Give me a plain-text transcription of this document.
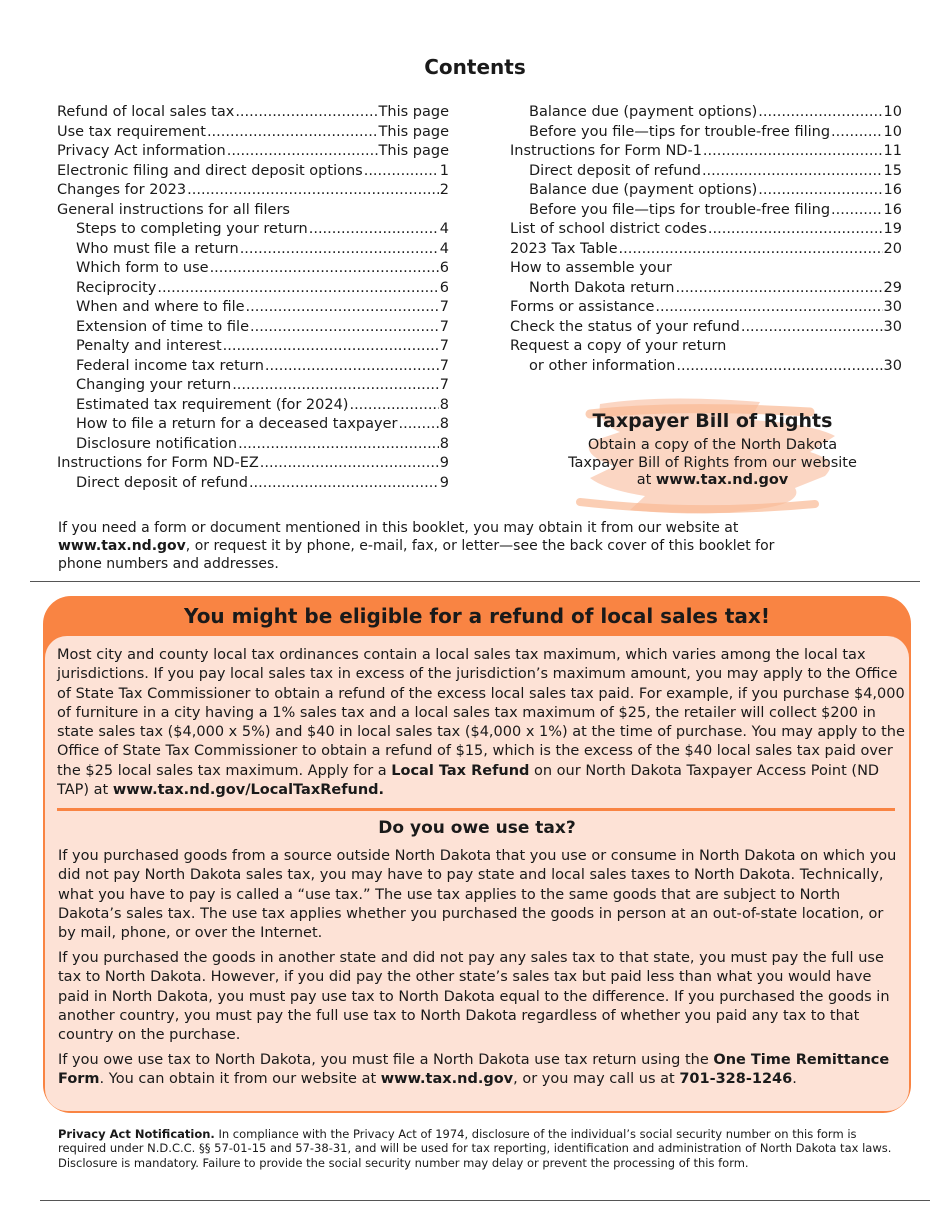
Contents
Refund of local sales tax .....	This page
Use tax requirement .....	This page
Privacy Act information .....	This page
Electronic filing and direct deposit options .....	1
Changes for 2023 .....	2
General instructions for all filers
Steps to completing your return .....	4
Who must file a return .....	4
Which form to use .....	6
Reciprocity .....	6
When and where to file .....	7
Extension of time to file .....	7
Penalty and interest .....	7
Federal income tax return .....	7
Changing your return .....	7
Estimated tax requirement (for 2024) .....	8
How to file a return for a deceased taxpayer .....	8
Disclosure notification .....	8
Instructions for Form ND-EZ .....	9
Direct deposit of refund .....	9
Balance due (payment options) .....	10
Before you file—tips for trouble-free filing .....	10
Instructions for Form ND-1 .....	11
Direct deposit of refund .....	15
Balance due (payment options) .....	16
Before you file—tips for trouble-free filing .....	16
List of school district codes .....	19
2023 Tax Table .....	20
How to assemble your
North Dakota return .....	29
Forms or assistance .....	30
Check the status of your refund .....	30
Request a copy of your return
or other information .....	30
Taxpayer Bill of Rights
Obtain a copy of the North Dakota Taxpayer Bill of Rights from our website at www.tax.nd.gov
If you need a form or document mentioned in this booklet, you may obtain it from our website at www.tax.nd.gov, or request it by phone, e-mail, fax, or letter—see the back cover of this booklet for phone numbers and addresses.
You might be eligible for a refund of local sales tax!

Most city and county local tax ordinances contain a local sales tax maximum, which varies among the local tax jurisdictions. If you pay local sales tax in excess of the jurisdiction’s maximum amount, you may apply to the Office of State Tax Commissioner to obtain a refund of the excess local sales tax paid. For example, if you purchase $4,000 of furniture in a city having a 1% sales tax and a local sales tax maximum of $25, the retailer will collect $200 in state sales tax ($4,000 x 5%) and $40 in local sales tax ($4,000 x 1%) at the time of purchase. You may apply to the Office of State Tax Commissioner to obtain a refund of $15, which is the excess of the $40 local sales tax paid over the $25 local sales tax maximum. Apply for a Local Tax Refund on our North Dakota Taxpayer Access Point (ND TAP) at www.tax.nd.gov/LocalTaxRefund.

Do you owe use tax?

If you purchased goods from a source outside North Dakota that you use or consume in North Dakota on which you did not pay North Dakota sales tax, you may have to pay state and local sales taxes to North Dakota. Technically, what you have to pay is called a “use tax.” The use tax applies to the same goods that are subject to North Dakota’s sales tax. The use tax applies whether you purchased the goods in person at an out-of-state location, or by mail, phone, or over the Internet.

If you purchased the goods in another state and did not pay any sales tax to that state, you must pay the full use tax to North Dakota. However, if you did pay the other state’s sales tax but paid less than what you would have paid in North Dakota, you must pay use tax to North Dakota equal to the difference. If you purchased the goods in another country, you must pay the full use tax to North Dakota regardless of whether you paid any tax to that country on the purchase.

If you owe use tax to North Dakota, you must file a North Dakota use tax return using the One Time Remittance Form. You can obtain it from our website at www.tax.nd.gov, or you may call us at 701-328-1246.

Privacy Act Notification. In compliance with the Privacy Act of 1974, disclosure of the individual’s social security number on this form is required under N.D.C.C. §§ 57-01-15 and 57-38-31, and will be used for tax reporting, identification and administration of North Dakota tax laws. Disclosure is mandatory. Failure to provide the social security number may delay or prevent the processing of this form.
